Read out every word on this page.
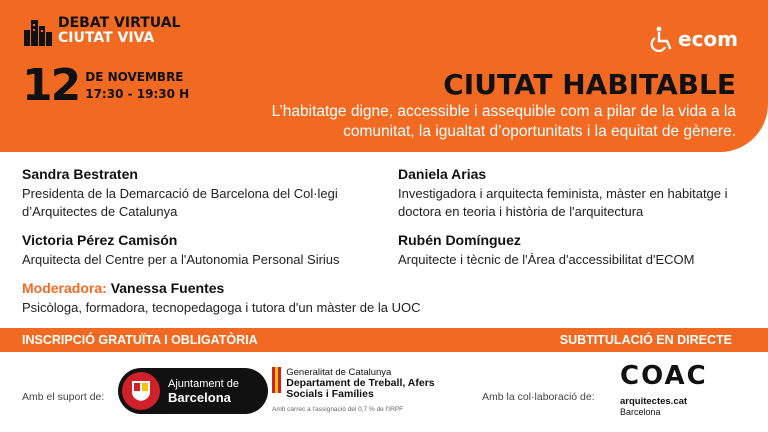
DEBAT VIRTUAL
CIUTAT VIVA
12 DE NOVEMBRE
17:30 - 19:30 H
ecom
CIUTAT HABITABLE
L’habitatge digne, accessible i assequible com a pilar de la vida a la comunitat, la igualtat d’oportunitats i la equitat de gènere.
Sandra Bestraten
Presidenta de la Demarcació de Barcelona del Col·legi d’Arquitectes de Catalunya
Daniela Arias
Investigadora i arquitecta feminista, màster en habitatge i doctora en teoria i història de l'arquitectura
Victoria Pérez Camisón
Arquitecta del Centre per a l'Autonomia Personal Sirius
Rubén Domínguez
Arquitecte i tècnic de l'Àrea d'accessibilitat d'ECOM
Moderadora: Vanessa Fuentes
Psicòloga, formadora, tecnopedagoga i tutora d'un màster de la UOC
INSCRIPCIÓ GRATUÏTA I OBLIGATÒRIA	SUBTITULACIÓ EN DIRECTE
Amb el suport de:
Ajuntament de
Barcelona
Generalitat de Catalunya
Departament de Treball, Afers Socials i Famílies
Amb càrrec a l'assignació del 0,7 % de l'IRPF
Amb la col·laboració de:
COAC
arquitectes.cat
Barcelona
